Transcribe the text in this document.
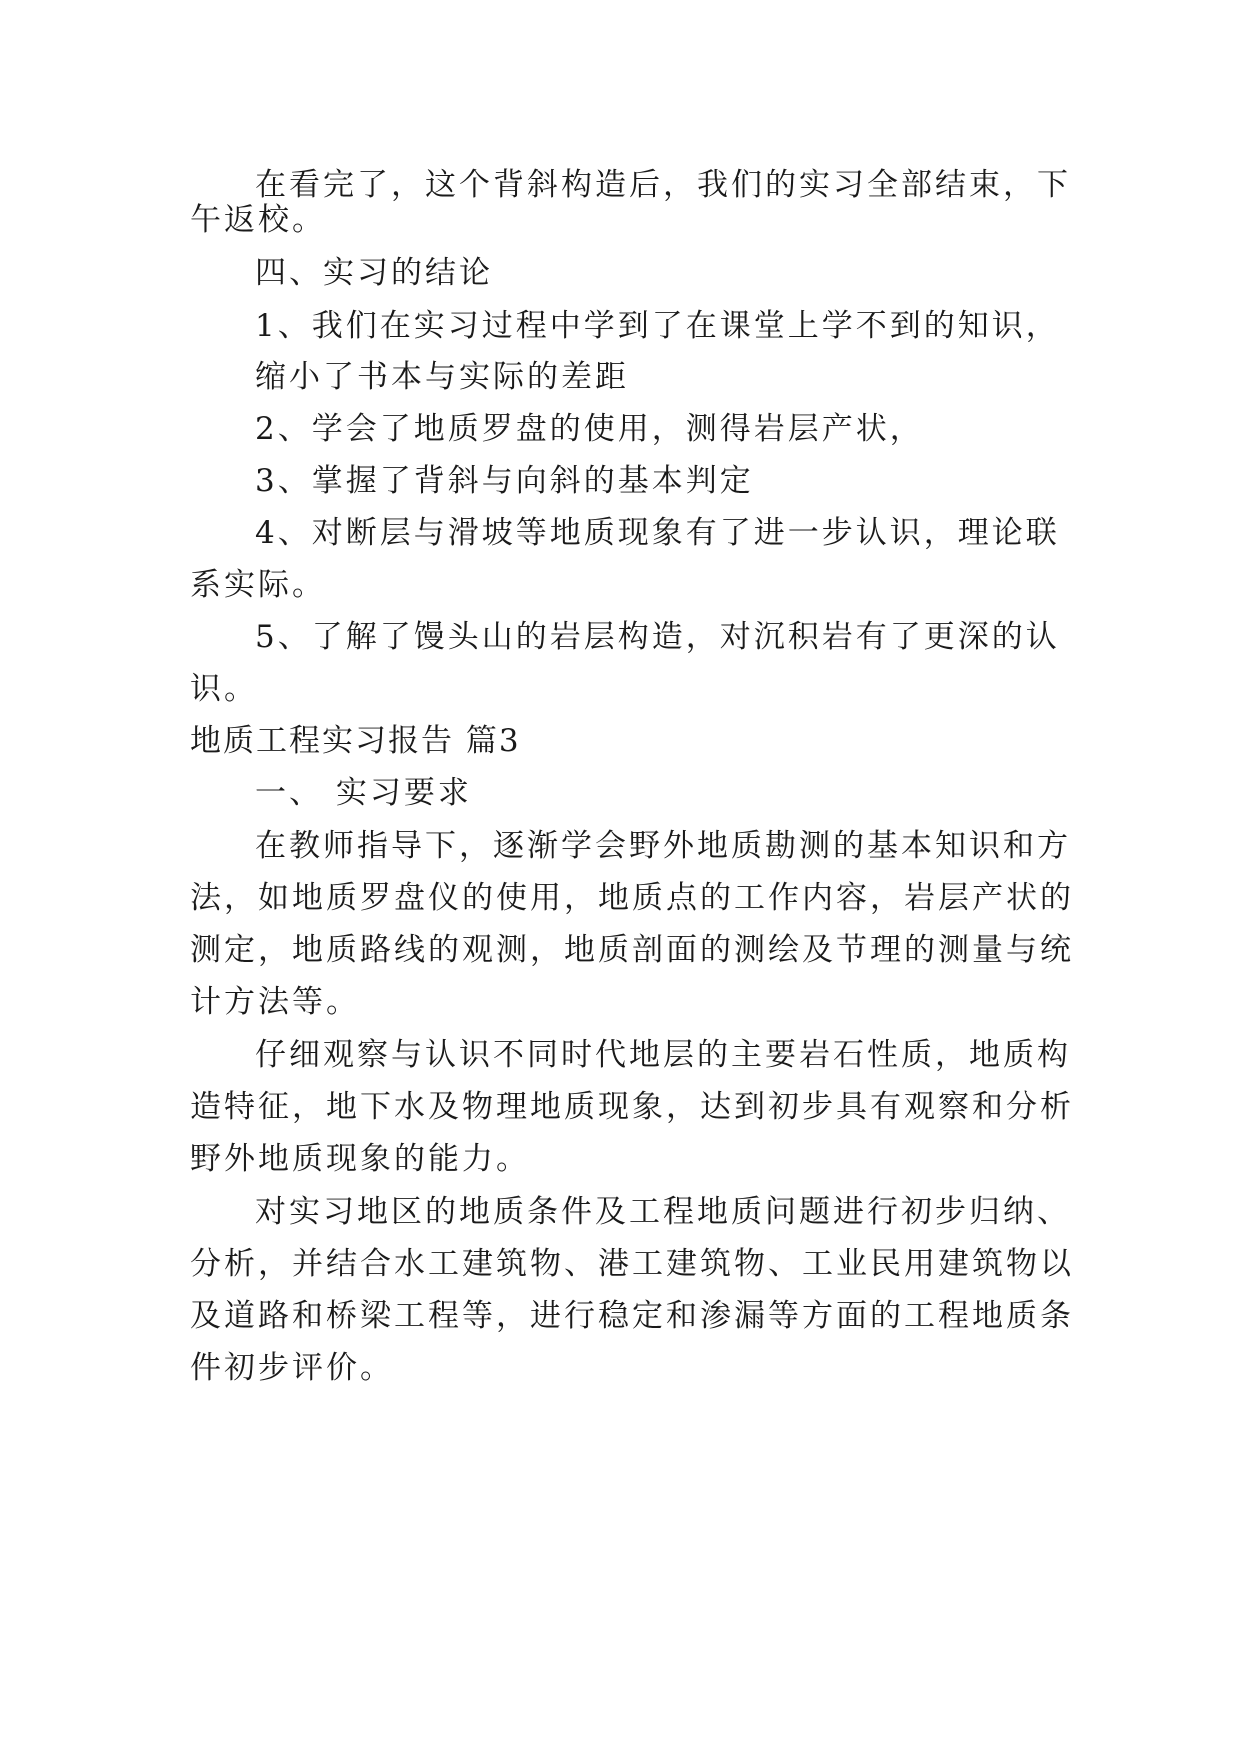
在看完了，这个背斜构造后，我们的实习全部结束，下
午返校。
四、实习的结论
1、我们在实习过程中学到了在课堂上学不到的知识，
缩小了书本与实际的差距
2、学会了地质罗盘的使用，测得岩层产状，
3、掌握了背斜与向斜的基本判定
4、对断层与滑坡等地质现象有了进一步认识，理论联
系实际。
5、了解了馒头山的岩层构造，对沉积岩有了更深的认
识。
地质工程实习报告 篇3
一、 实习要求
在教师指导下，逐渐学会野外地质勘测的基本知识和方
法，如地质罗盘仪的使用，地质点的工作内容，岩层产状的
测定，地质路线的观测，地质剖面的测绘及节理的测量与统
计方法等。
仔细观察与认识不同时代地层的主要岩石性质，地质构
造特征，地下水及物理地质现象，达到初步具有观察和分析
野外地质现象的能力。
对实习地区的地质条件及工程地质问题进行初步归纳、
分析，并结合水工建筑物、港工建筑物、工业民用建筑物以
及道路和桥梁工程等，进行稳定和渗漏等方面的工程地质条
件初步评价。
